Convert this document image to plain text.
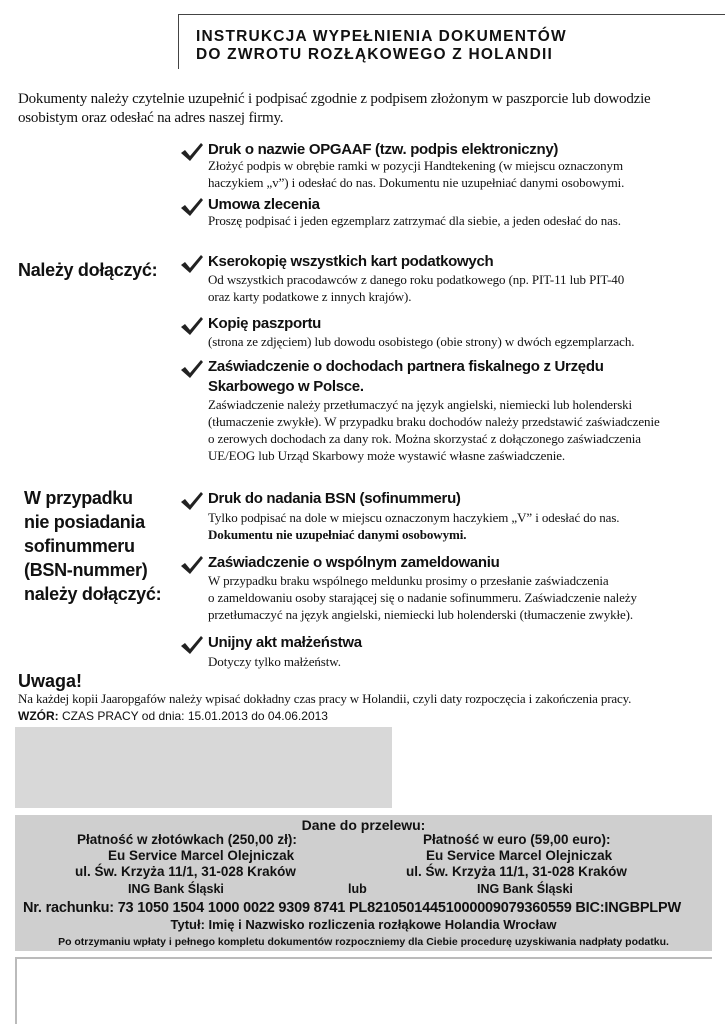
INSTRUKCJA WYPEŁNIENIA DOKUMENTÓW
DO ZWROTU ROZŁĄKOWEGO Z HOLANDII
Dokumenty należy czytelnie uzupełnić i podpisać zgodnie z podpisem złożonym w paszporcie lub dowodzie
osobistym oraz odesłać na adres naszej firmy.
Należy dołączyć:
W przypadku
nie posiadania
sofinummeru
(BSN-nummer)
należy dołączyć:
Druk o nazwie OPGAAF (tzw. podpis elektroniczny)
Złożyć podpis w obrębie ramki w pozycji Handtekening (w miejscu oznaczonym
haczykiem „v”) i odesłać do nas. Dokumentu nie uzupełniać danymi osobowymi.
Umowa zlecenia
Proszę podpisać i jeden egzemplarz zatrzymać dla siebie, a jeden odesłać do nas.
Kserokopię wszystkich kart podatkowych
Od wszystkich pracodawców z danego roku podatkowego (np. PIT-11 lub PIT-40
oraz karty podatkowe z innych krajów).
Kopię paszportu
(strona ze zdjęciem) lub dowodu osobistego (obie strony) w dwóch egzemplarzach.
Zaświadczenie o dochodach partnera fiskalnego z Urzędu
Skarbowego w Polsce.
Zaświadczenie należy przetłumaczyć na język angielski, niemiecki lub holenderski
(tłumaczenie zwykłe). W przypadku braku dochodów należy przedstawić zaświadczenie
o zerowych dochodach za dany rok. Można skorzystać z dołączonego zaświadczenia
UE/EOG lub Urząd Skarbowy może wystawić własne zaświadczenie.
Druk do nadania BSN (sofinummeru)
Tylko podpisać na dole w miejscu oznaczonym haczykiem „V” i odesłać do nas.
Dokumentu nie uzupełniać danymi osobowymi.
Zaświadczenie o wspólnym zameldowaniu
W przypadku braku wspólnego meldunku prosimy o przesłanie zaświadczenia
o zameldowaniu osoby starającej się o nadanie sofinummeru. Zaświadczenie należy
przetłumaczyć na język angielski, niemiecki lub holenderski (tłumaczenie zwykłe).
Unijny akt małżeństwa
Dotyczy tylko małżeństw.
Uwaga!
Na każdej kopii Jaaropgafów należy wpisać dokładny czas pracy w Holandii, czyli daty rozpoczęcia i zakończenia pracy.
WZÓR: CZAS PRACY od dnia: 15.01.2013 do 04.06.2013
Dane do przelewu:
Płatność w złotówkach (250,00 zł):	Płatność w euro (59,00 euro):
Eu Service Marcel Olejniczak	Eu Service Marcel Olejniczak
ul. Św. Krzyża 11/1, 31-028 Kraków	ul. Św. Krzyża 11/1, 31-028 Kraków
ING Bank Śląski	lub	ING Bank Śląski
Nr. rachunku: 73 1050 1504 1000 0022 9309 8741 PL82105014451000009079360559 BIC:INGBPLPW
Tytuł: Imię i Nazwisko rozliczenia rozłąkowe Holandia Wrocław
Po otrzymaniu wpłaty i pełnego kompletu dokumentów rozpoczniemy dla Ciebie procedurę uzyskiwania nadpłaty podatku.
